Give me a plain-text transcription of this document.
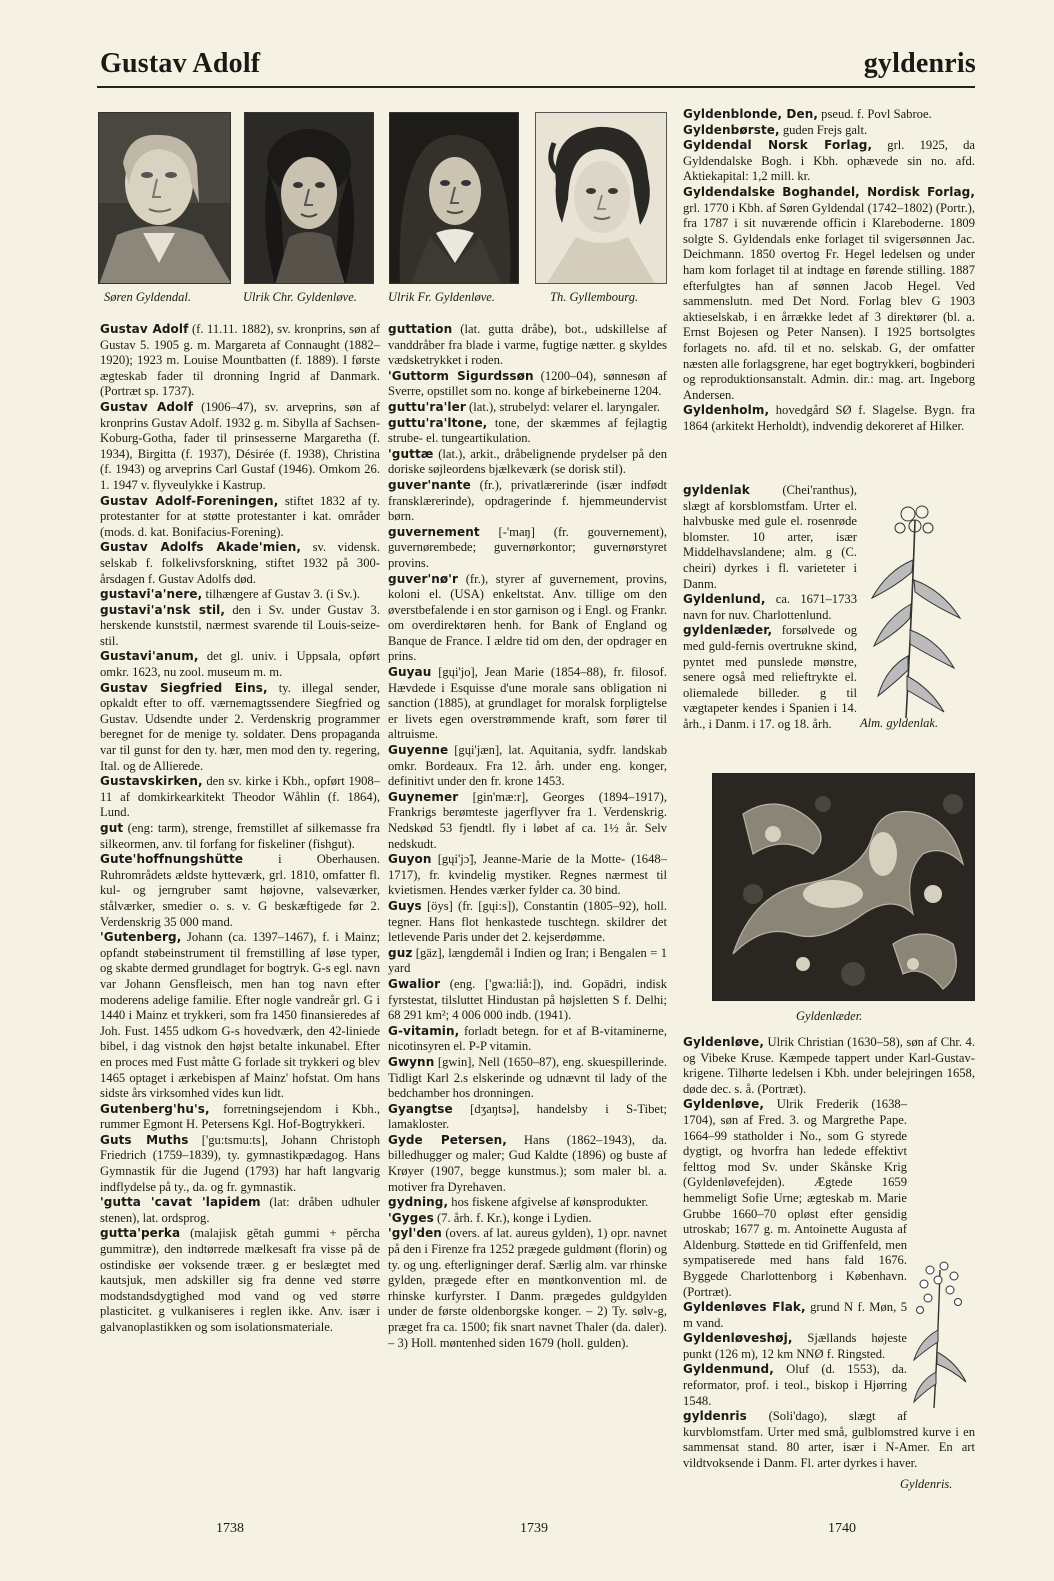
Gustav Adolf	gyldenris
Søren Gyldendal.	Ulrik Chr. Gyldenløve. Ulrik Fr. Gyldenløve.	Th. Gyllembourg.
Gustav Adolf (f. 11.11. 1882), sv. kronprins, søn af Gustav 5. 1905 g. m. Margareta af Connaught (1882–1920); 1923 m. Louise Mountbatten (f. 1889). I første ægteskab fader til dronning Ingrid af Danmark. (Portræt sp. 1737).
Gustav Adolf (1906–47), sv. arveprins, søn af kronprins Gustav Adolf. 1932 g. m. Sibylla af Sachsen-Koburg-Gotha, fader til prinsesserne Margaretha (f. 1934), Birgitta (f. 1937), Désirée (f. 1938), Christina (f. 1943) og arveprins Carl Gustaf (1946). Omkom 26. 1. 1947 v. flyveulykke i Kastrup.
Gustav Adolf-Foreningen, stiftet 1832 af ty. protestanter for at støtte protestanter i kat. områder (mods. d. kat. Bonifacius-Forening).
Gustav Adolfs Akade'mien, sv. vidensk. selskab f. folkelivsforskning, stiftet 1932 på 300-årsdagen f. Gustav Adolfs død.
gustavi'a'nere, tilhængere af Gustav 3. (i Sv.).
gustavi'a'nsk stil, den i Sv. under Gustav 3. herskende kunststil, nærmest svarende til Louis-seize-stil.
Gustavi'anum, det gl. univ. i Uppsala, opført omkr. 1623, nu zool. museum m. m.
Gustav Siegfried Eins, ty. illegal sender, opkaldt efter to off. værnemagtssendere Siegfried og Gustav. Udsendte under 2. Verdenskrig programmer beregnet for de menige ty. soldater. Dens propaganda var til gunst for den ty. hær, men mod den ty. regering, Ital. og de Allierede.
Gustavskirken, den sv. kirke i Kbh., opført 1908–11 af domkirkearkitekt Theodor Wåhlin (f. 1864), Lund.
gut (eng: tarm), strenge, fremstillet af silkemasse fra silkeormen, anv. til forfang for fiskeliner (fishgut).
Gute'hoffnungshütte i Oberhausen. Ruhrområdets ældste hytteværk, grl. 1810, omfatter fl. kul- og jerngruber samt højovne, valseværker, stålværker, smedier o. s. v. G beskæftigede før 2. Verdenskrig 35 000 mand.
'Gutenberg, Johann (ca. 1397–1467), f. i Mainz; opfandt støbeinstrument til fremstilling af løse typer, og skabte dermed grundlaget for bogtryk. G-s egl. navn var Johann Gensfleisch, men han tog navn efter moderens adelige familie. Efter nogle vandreår grl. G i 1440 i Mainz et trykkeri, som fra 1450 finansieredes af Joh. Fust. 1455 udkom G-s hovedværk, den 42-liniede bibel, i dag vistnok den højst betalte inkunabel. Efter en proces med Fust måtte G forlade sit trykkeri og blev 1465 optaget i ærkebispen af Mainz' hofstat. Om hans sidste års virksomhed vides kun lidt.
Gutenberg'hu's, forretningsejendom i Kbh., rummer Egmont H. Petersens Kgl. Hof-Bogtrykkeri.
Guts Muths ['gu:tsmu:ts], Johann Christoph Friedrich (1759–1839), ty. gymnastikpædagog. Hans Gymnastik für die Jugend (1793) har haft langvarig indflydelse på ty., da. og fr. gymnastik.
'gutta 'cavat 'lapidem (lat: dråben udhuler stenen), lat. ordsprog.
gutta'perka (malajisk gĕtah gummi + pĕrcha gummitræ), den indtørrede mælkesaft fra visse på de ostindiske øer voksende træer. g er beslægtet med kautsjuk, men adskiller sig fra denne ved større modstandsdygtighed mod vand og ved større plasticitet. g vulkaniseres i reglen ikke. Anv. især i galvanoplastikken og som isolationsmateriale.
guttation (lat. gutta dråbe), bot., udskillelse af vanddråber fra blade i varme, fugtige nætter. g skyldes vædsketrykket i roden.
'Guttorm Sigurdssøn (1200–04), sønnesøn af Sverre, opstillet som no. konge af birkebeinerne 1204.
guttu'ra'ler (lat.), strubelyd: velarer el. laryngaler.
guttu'ra'ltone, tone, der skæmmes af fejlagtig strube- el. tungeartikulation.
'guttæ (lat.), arkit., dråbelignende prydelser på den doriske søjleordens bjælkeværk (se dorisk stil).
guver'nante (fr.), privatlærerinde (især indfødt fransklærerinde), opdragerinde f. hjemmeundervist børn.
guvernement [-'maŋ] (fr. gouvernement), guvernørembede; guvernørkontor; guvernørstyret provins.
guver'nø'r (fr.), styrer af guvernement, provins, koloni el. (USA) enkeltstat. Anv. tillige om den øverstbefalende i en stor garnison og i Engl. og Frankr. om overdirektøren henh. for Bank of England og Banque de France. I ældre tid om den, der opdrager en prins.
Guyau [gųi'jo], Jean Marie (1854–88), fr. filosof. Hævdede i Esquisse d'une morale sans obligation ni sanction (1885), at grundlaget for moralsk forpligtelse er livets egen overstrømmende kraft, som fører til altruisme.
Guyenne [gųi'jæn], lat. Aquitania, sydfr. landskab omkr. Bordeaux. Fra 12. årh. under eng. konger, definitivt under den fr. krone 1453.
Guynemer [gin'mæ:r], Georges (1894–1917), Frankrigs berømteste jagerflyver fra 1. Verdenskrig. Nedskød 53 fjendtl. fly i løbet af ca. 1½ år. Selv nedskudt.
Guyon [gųi'jɔ̃], Jeanne-Marie de la Motte- (1648–1717), fr. kvindelig mystiker. Regnes nærmest til kvietismen. Hendes værker fylder ca. 30 bind.
Guys [öys] (fr. [gųi:s]), Constantin (1805–92), holl. tegner. Hans flot henkastede tuschtegn. skildrer det letlevende Paris under det 2. kejserdømme.
guz [gäz], længdemål i Indien og Iran; i Bengalen = 1 yard
Gwalior (eng. ['gwa:liå:]), ind. Gopādri, indisk fyrstestat, tilsluttet Hindustan på højsletten S f. Delhi; 68 291 km²; 4 006 000 indb. (1941).
G-vitamin, forladt betegn. for et af B-vitaminerne, nicotinsyren el. P-P vitamin.
Gwynn [gwin], Nell (1650–87), eng. skuespillerinde. Tidligt Karl 2.s elskerinde og udnævnt til lady of the bedchamber hos dronningen.
Gyangtse [dʒaŋtsə], handelsby i S-Tibet; lamakloster.
Gyde Petersen, Hans (1862–1943), da. billedhugger og maler; Gud Kaldte (1896) og buste af Krøyer (1907, begge kunstmus.); som maler bl. a. motiver fra Dyrehaven.
gydning, hos fiskene afgivelse af kønsprodukter.
'Gyges (7. årh. f. Kr.), konge i Lydien.
'gyl'den (overs. af lat. aureus gylden), 1) opr. navnet på den i Firenze fra 1252 prægede guldmønt (florin) og ty. og ung. efterligninger deraf. Særlig alm. var rhinske gylden, prægede efter en møntkonvention ml. de rhinske kurfyrster. I Danm. prægedes guldgylden under de første oldenborgske konger. – 2) Ty. sølv-g, præget fra ca. 1500; fik snart navnet Thaler (da. daler). – 3) Holl. møntenhed siden 1679 (holl. gulden).
Gyldenblonde, Den, pseud. f. Povl Sabroe.
Gyldenbørste, guden Frejs galt.
Gyldendal Norsk Forlag, grl. 1925, da Gyldendalske Bogh. i Kbh. ophævede sin no. afd. Aktiekapital: 1,2 mill. kr.
Gyldendalske Boghandel, Nordisk Forlag, grl. 1770 i Kbh. af Søren Gyldendal (1742–1802) (Portr.), fra 1787 i sit nuværende officin i Klareboderne. 1809 solgte S. Gyldendals enke forlaget til svigersønnen Jac. Deichmann. 1850 overtog Fr. Hegel ledelsen og under ham kom forlaget til at indtage en førende stilling. 1887 efterfulgtes han af sønnen Jacob Hegel. Ved sammenslutn. med Det Nord. Forlag blev G 1903 aktieselskab, i en årrække ledet af 3 direktører (bl. a. Ernst Bojesen og Peter Nansen). I 1925 bortsolgtes forlagets no. afd. til et no. selskab. G, der omfatter næsten alle forlagsgrene, har eget bogtrykkeri, bogbinderi og reproduktionsanstalt. Admin. dir.: mag. art. Ingeborg Andersen.
Gyldenholm, hovedgård SØ f. Slagelse. Bygn. fra 1864 (arkitekt Herholdt), indvendig dekoreret af Hilker.
gyldenlak (Chei'ranthus), slægt af korsblomstfam. Urter el. halvbuske med gule el. rosenrøde blomster. 10 arter, især Middelhavslandene; alm. g (C. cheiri) dyrkes i fl. varieteter i Danm.
Gyldenlund, ca. 1671–1733 navn for nuv. Charlottenlund.
gyldenlæder, forsølvede og med guld-fernis overtrukne skind, pyntet med punslede mønstre, senere også med relieftrykte el. oliemalede billeder. g til vægtapeter kendes i Spanien i 14. årh., i Danm. i 17. og 18. årh.	Alm. gyldenlak.
Gyldenlæder.
Gyldenløve, Ulrik Christian (1630–58), søn af Chr. 4. og Vibeke Kruse. Kæmpede tappert under Karl-Gustav-krigene. Tilhørte ledelsen i Kbh. under belejringen 1658, døde dec. s. å. (Portræt).
Gyldenløve, Ulrik Frederik (1638–1704), søn af Fred. 3. og Margrethe Pape. 1664–99 statholder i No., som G styrede dygtigt, og hvorfra han ledede effektivt felttog mod Sv. under Skånske Krig (Gyldenløvefejden). Ægtede 1659 hemmeligt Sofie Urne; ægteskab m. Marie Grubbe 1660–70 opløst efter gensidig utroskab; 1677 g. m. Antoinette Augusta af Aldenburg. Støttede en tid Griffenfeld, men sympatiserede med hans fald 1676. Byggede Charlottenborg i København. (Portræt).
Gyldenløves Flak, grund N f. Møn, 5 m vand.
Gyldenløveshøj, Sjællands højeste punkt (126 m), 12 km NNØ f. Ringsted.
Gyldenmund, Oluf (d. 1553), da. reformator, prof. i teol., biskop i Hjørring 1548.
gyldenris (Soli'dago), slægt af kurvblomstfam. Urter med små, gulblomstred kurve i en sammensat stand. 80 arter, især i N-Amer. En art vildtvoksende i Danm. Fl. arter dyrkes i haver.
Gyldenris.
1738	1739	1740
